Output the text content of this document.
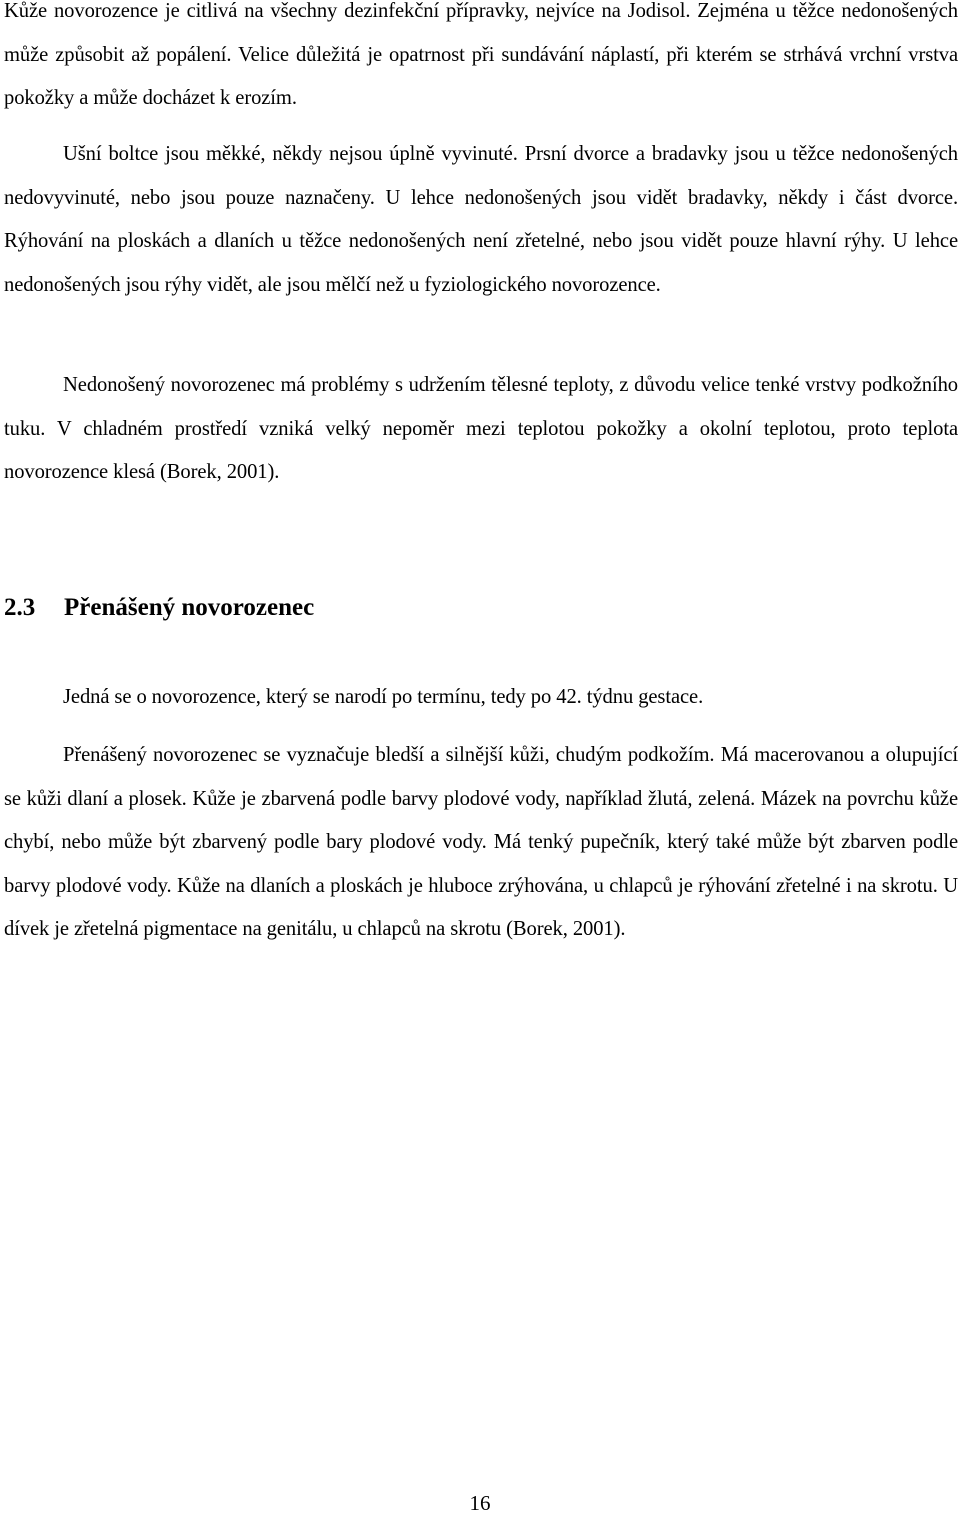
Kůže novorozence je citlivá na všechny dezinfekční přípravky, nejvíce na Jodisol. Zejména u těžce nedonošených může způsobit až popálení. Velice důležitá je opatrnost při sundávání náplastí, při kterém se strhává vrchní vrstva pokožky a může docházet k erozím.

Ušní boltce jsou měkké, někdy nejsou úplně vyvinuté. Prsní dvorce a bradavky jsou u těžce nedonošených nedovyvinuté, nebo jsou pouze naznačeny. U lehce nedonošených jsou vidět bradavky, někdy i část dvorce. Rýhování na ploskách a dlaních u těžce nedonošených není zřetelné, nebo jsou vidět pouze hlavní rýhy. U lehce nedonošených jsou rýhy vidět, ale jsou mělčí než u fyziologického novorozence.

Nedonošený novorozenec má problémy s udržením tělesné teploty, z důvodu velice tenké vrstvy podkožního tuku. V chladném prostředí vzniká velký nepoměr mezi teplotou pokožky a okolní teplotou, proto teplota novorozence klesá (Borek, 2001).

2.3 Přenášený novorozenec

Jedná se o novorozence, který se narodí po termínu, tedy po 42. týdnu gestace.

Přenášený novorozenec se vyznačuje bledší a silnější kůži, chudým podkožím. Má macerovanou a olupující se kůži dlaní a plosek. Kůže je zbarvená podle barvy plodové vody, například žlutá, zelená. Mázek na povrchu kůže chybí, nebo může být zbarvený podle bary plodové vody. Má tenký pupečník, který také může být zbarven podle barvy plodové vody. Kůže na dlaních a ploskách je hluboce zrýhována, u chlapců je rýhování zřetelné i na skrotu. U dívek je zřetelná pigmentace na genitálu, u chlapců na skrotu (Borek, 2001).

16
